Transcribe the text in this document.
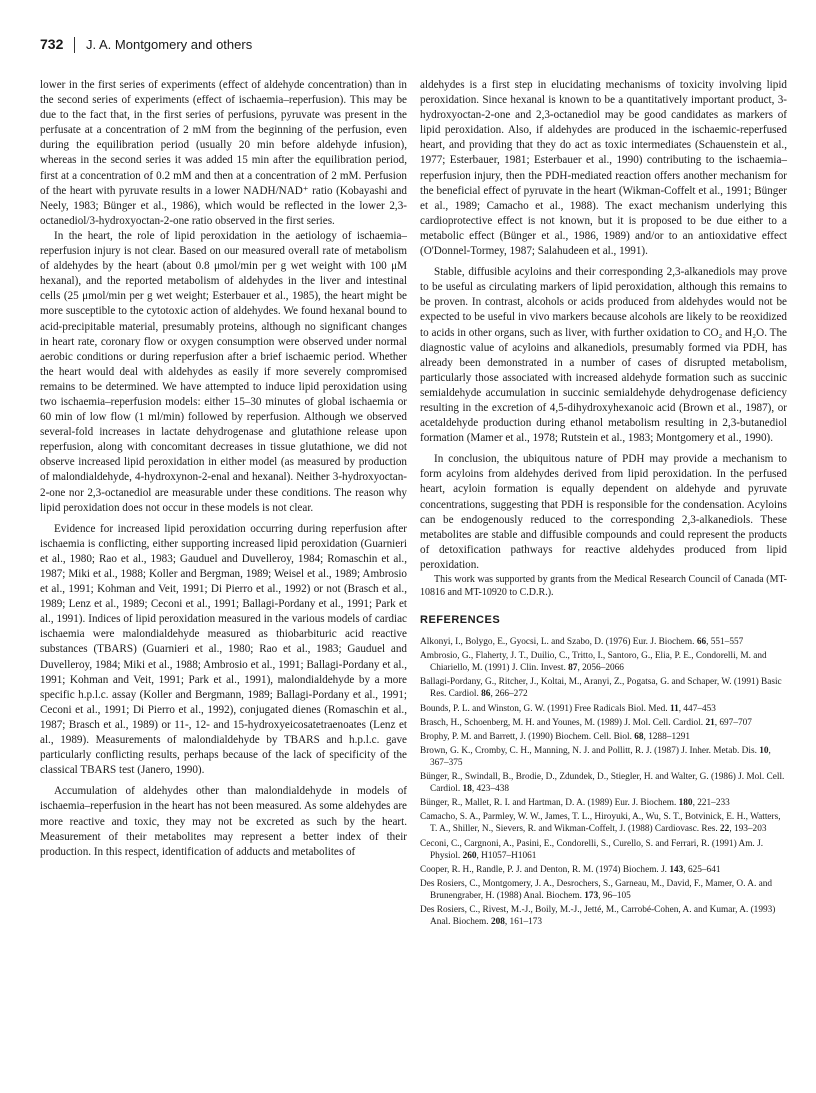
732 J. A. Montgomery and others

lower in the first series of experiments (effect of aldehyde concentration) than in the second series of experiments (effect of ischaemia–reperfusion). This may be due to the fact that, in the first series of perfusions, pyruvate was present in the perfusate at a concentration of 2 mM from the beginning of the perfusion, even during the equilibration period (usually 20 min before aldehyde infusion), whereas in the second series it was added 15 min after the equilibration period, first at a concentration of 0.2 mM and then at a concentration of 2 mM. Perfusion of the heart with pyruvate results in a lower NADH/NAD⁺ ratio (Kobayashi and Neely, 1983; Bünger et al., 1986), which would be reflected in the lower 2,3-octanediol/3-hydroxyoctan-2-one ratio observed in the first series.

In the heart, the role of lipid peroxidation in the aetiology of ischaemia–reperfusion injury is not clear. Based on our measured overall rate of metabolism of aldehydes by the heart (about 0.8 μmol/min per g wet weight with 100 μM hexanal), and the reported metabolism of aldehydes in the liver and intestinal cells (25 μmol/min per g wet weight; Esterbauer et al., 1985), the heart might be more susceptible to the cytotoxic action of aldehydes. We found hexanal bound to acid-precipitable material, presumably proteins, although no significant changes in heart rate, coronary flow or oxygen consumption were observed under normal aerobic conditions or during reperfusion after a brief ischaemic period. Whether the heart would deal with aldehydes as easily if more severely compromised remains to be determined. We have attempted to induce lipid peroxidation using two ischaemia–reperfusion models: either 15–30 minutes of global ischaemia or 60 min of low flow (1 ml/min) followed by reperfusion. Although we observed several-fold increases in lactate dehydrogenase and glutathione release upon reperfusion, along with concomitant decreases in tissue glutathione, we did not observe increased lipid peroxidation in either model (as measured by production of malondialdehyde, 4-hydroxynon-2-enal and hexanal). Neither 3-hydroxyoctan-2-one nor 2,3-octanediol are measurable under these conditions. The reason why lipid peroxidation does not occur in these models is not clear.

Evidence for increased lipid peroxidation occurring during reperfusion after ischaemia is conflicting, either supporting increased lipid peroxidation (Guarnieri et al., 1980; Rao et al., 1983; Gauduel and Duvelleroy, 1984; Romaschin et al., 1987; Miki et al., 1988; Koller and Bergman, 1989; Weisel et al., 1989; Ambrosio et al., 1991; Kohman and Veit, 1991; Di Pierro et al., 1992) or not (Brasch et al., 1989; Lenz et al., 1989; Ceconi et al., 1991; Ballagi-Pordany et al., 1991; Park et al., 1991). Indices of lipid peroxidation measured in the various models of cardiac ischaemia were malondialdehyde measured as thiobarbituric acid reactive substances (TBARS) (Guarnieri et al., 1980; Rao et al., 1983; Gauduel and Duvelleroy, 1984; Miki et al., 1988; Ambrosio et al., 1991; Ballagi-Pordany et al., 1991; Kohman and Veit, 1991; Park et al., 1991), malondialdehyde by a more specific h.p.l.c. assay (Koller and Bergmann, 1989; Ballagi-Pordany et al., 1991; Ceconi et al., 1991; Di Pierro et al., 1992), conjugated dienes (Romaschin et al., 1987; Brasch et al., 1989) or 11-, 12- and 15-hydroxyeicosatetraenoates (Lenz et al., 1989). Measurements of malondialdehyde by TBARS and h.p.l.c. gave particularly conflicting results, perhaps because of the lack of specificity of the classical TBARS test (Janero, 1990).

Accumulation of aldehydes other than malondialdehyde in models of ischaemia–reperfusion in the heart has not been measured. As some aldehydes are more reactive and toxic, they may not be excreted as such by the heart. Measurement of their metabolites may represent a better index of their production. In this respect, identification of adducts and metabolites of

aldehydes is a first step in elucidating mechanisms of toxicity involving lipid peroxidation. Since hexanal is known to be a quantitatively important product, 3-hydroxyoctan-2-one and 2,3-octanediol may be good candidates as markers of lipid peroxidation. Also, if aldehydes are produced in the ischaemic-reperfused heart, and providing that they do act as toxic intermediates (Schauenstein et al., 1977; Esterbauer, 1981; Esterbauer et al., 1990) contributing to the ischaemia–reperfusion injury, then the PDH-mediated reaction offers another mechanism for the beneficial effect of pyruvate in the heart (Wikman-Coffelt et al., 1991; Bünger et al., 1989; Camacho et al., 1988). The exact mechanism underlying this cardioprotective effect is not known, but it is proposed to be due either to a metabolic effect (Bünger et al., 1986, 1989) and/or to an antioxidative effect (O'Donnel-Tormey, 1987; Salahudeen et al., 1991).

Stable, diffusible acyloins and their corresponding 2,3-alkanediols may prove to be useful as circulating markers of lipid peroxidation, although this remains to be proven. In contrast, alcohols or acids produced from aldehydes would not be expected to be useful in vivo markers because alcohols are likely to be reoxidized to acids in other organs, such as liver, with further oxidation to CO₂ and H₂O. The diagnostic value of acyloins and alkanediols, presumably formed via PDH, has already been demonstrated in a number of cases of disrupted metabolism, particularly those associated with increased aldehyde formation such as succinic semialdehyde accumulation in succinic semialdehyde dehydrogenase deficiency resulting in the excretion of 4,5-dihydroxyhexanoic acid (Brown et al., 1987), or acetaldehyde production during ethanol metabolism resulting in 2,3-butanediol formation (Mamer et al., 1978; Rutstein et al., 1983; Montgomery et al., 1990).

In conclusion, the ubiquitous nature of PDH may provide a mechanism to form acyloins from aldehydes derived from lipid peroxidation. In the perfused heart, acyloin formation is equally dependent on aldehyde and pyruvate concentrations, suggesting that PDH is responsible for the condensation. Acyloins can be endogenously reduced to the corresponding 2,3-alkanediols. These metabolites are stable and diffusible compounds and could represent the products of detoxification pathways for reactive aldehydes produced from lipid peroxidation.

This work was supported by grants from the Medical Research Council of Canada (MT-10816 and MT-10920 to C.D.R.).

REFERENCES
Alkonyi, I., Bolygo, E., Gyocsi, L. and Szabo, D. (1976) Eur. J. Biochem. 66, 551–557
Ambrosio, G., Flaherty, J. T., Duilio, C., Tritto, I., Santoro, G., Elia, P. E., Condorelli, M. and Chiariello, M. (1991) J. Clin. Invest. 87, 2056–2066
Ballagi-Pordany, G., Ritcher, J., Koltai, M., Aranyi, Z., Pogatsa, G. and Schaper, W. (1991) Basic Res. Cardiol. 86, 266–272
Bounds, P. L. and Winston, G. W. (1991) Free Radicals Biol. Med. 11, 447–453
Brasch, H., Schoenberg, M. H. and Younes, M. (1989) J. Mol. Cell. Cardiol. 21, 697–707
Brophy, P. M. and Barrett, J. (1990) Biochem. Cell. Biol. 68, 1288–1291
Brown, G. K., Cromby, C. H., Manning, N. J. and Pollitt, R. J. (1987) J. Inher. Metab. Dis. 10, 367–375
Bünger, R., Swindall, B., Brodie, D., Zdundek, D., Stiegler, H. and Walter, G. (1986) J. Mol. Cell. Cardiol. 18, 423–438
Bünger, R., Mallet, R. I. and Hartman, D. A. (1989) Eur. J. Biochem. 180, 221–233
Camacho, S. A., Parmley, W. W., James, T. L., Hiroyuki, A., Wu, S. T., Botvinick, E. H., Watters, T. A., Shiller, N., Sievers, R. and Wikman-Coffelt, J. (1988) Cardiovasc. Res. 22, 193–203
Ceconi, C., Cargnoni, A., Pasini, E., Condorelli, S., Curello, S. and Ferrari, R. (1991) Am. J. Physiol. 260, H1057–H1061
Cooper, R. H., Randle, P. J. and Denton, R. M. (1974) Biochem. J. 143, 625–641
Des Rosiers, C., Montgomery, J. A., Desrochers, S., Garneau, M., David, F., Mamer, O. A. and Brunengraber, H. (1988) Anal. Biochem. 173, 96–105
Des Rosiers, C., Rivest, M.-J., Boily, M.-J., Jetté, M., Carrobé-Cohen, A. and Kumar, A. (1993) Anal. Biochem. 208, 161–173
